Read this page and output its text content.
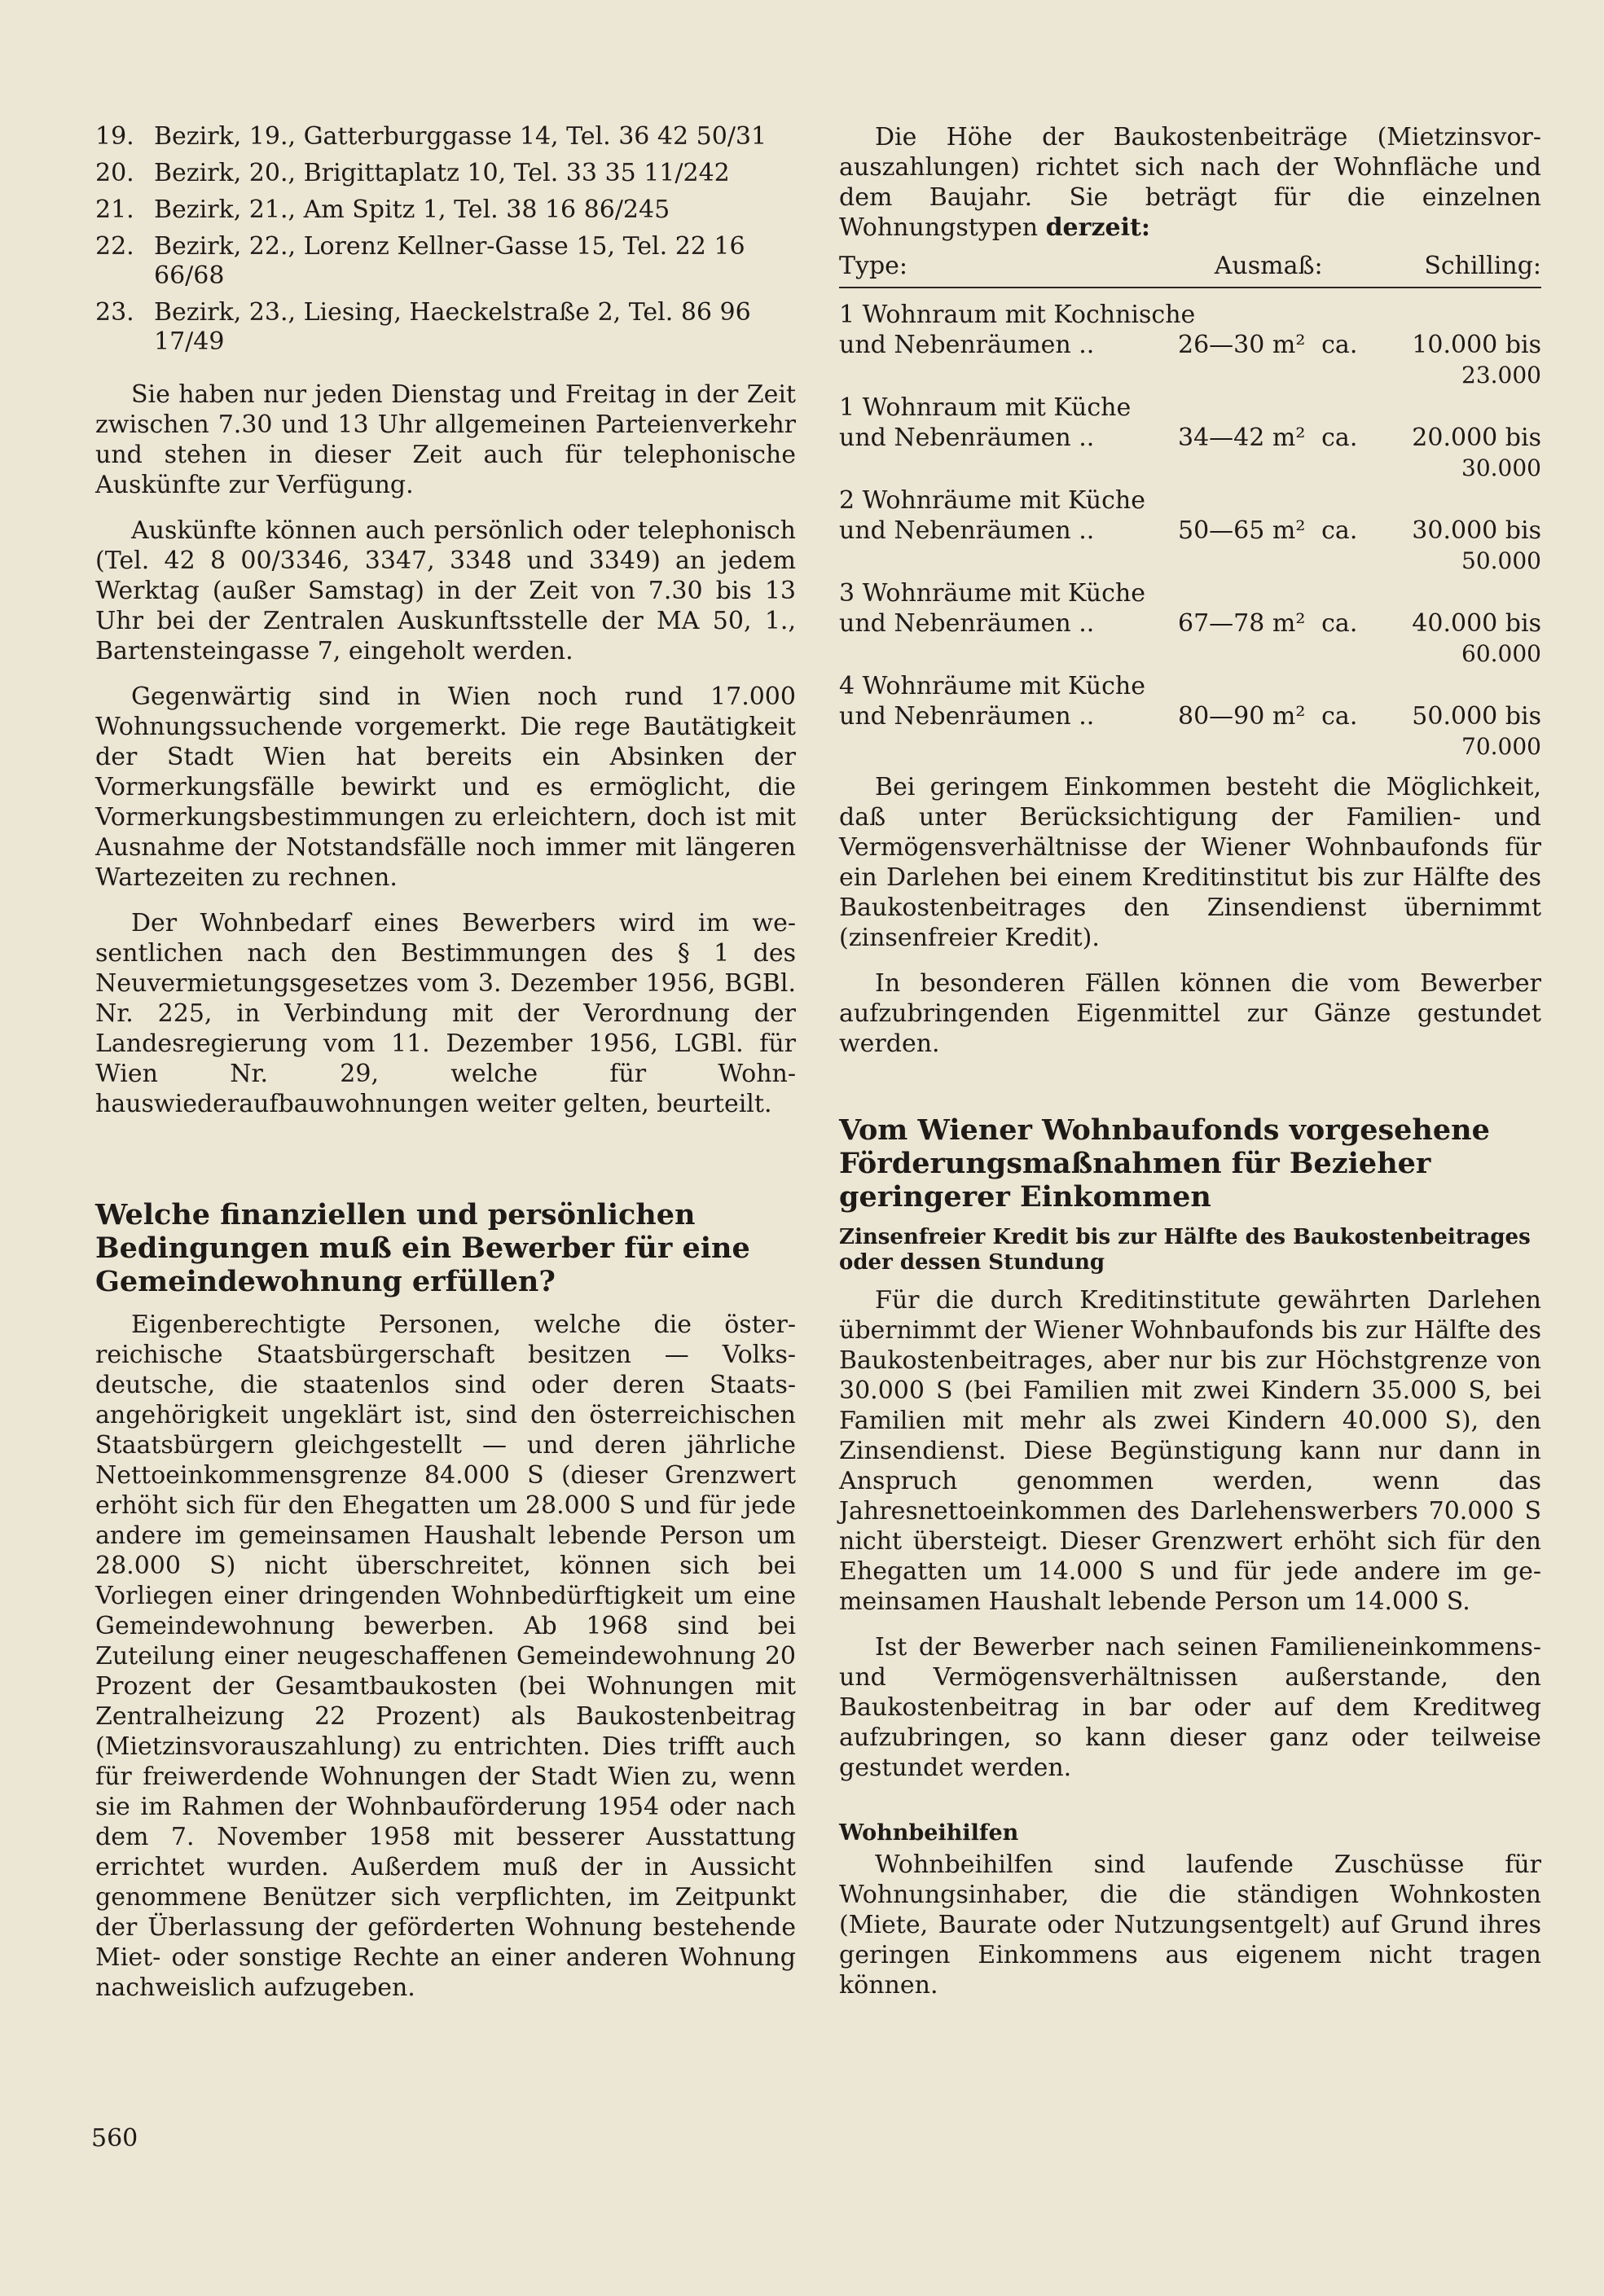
19. Bezirk, 19., Gatterburggasse 14, Tel. 36 42 50/31
20. Bezirk, 20., Brigittaplatz 10, Tel. 33 35 11/242
21. Bezirk, 21., Am Spitz 1, Tel. 38 16 86/245
22. Bezirk, 22., Lorenz Kellner-Gasse 15, Tel. 22 16 66/68
23. Bezirk, 23., Liesing, Haeckelstraße 2, Tel. 86 96 17/49

Sie haben nur jeden Dienstag und Freitag in der Zeit zwischen 7.30 und 13 Uhr allgemeinen Parteienverkehr und stehen in dieser Zeit auch für telephonische Auskünfte zur Verfügung.

Auskünfte können auch persönlich oder telephonisch (Tel. 42 8 00/3346, 3347, 3348 und 3349) an jedem Werktag (außer Samstag) in der Zeit von 7.30 bis 13 Uhr bei der Zentralen Auskunftsstelle der MA 50, 1., Bartensteingasse 7, eingeholt werden.

Gegenwärtig sind in Wien noch rund 17.000 Wohnungssuchende vorgemerkt. Die rege Bautätigkeit der Stadt Wien hat bereits ein Absinken der Vormerkungsfälle bewirkt und es ermöglicht, die Vormerkungsbestimmungen zu erleichtern, doch ist mit Ausnahme der Notstandsfälle noch immer mit längeren Wartezeiten zu rechnen.

Der Wohnbedarf eines Bewerbers wird im wesentlichen nach den Bestimmungen des § 1 des Neuvermietungsgesetzes vom 3. Dezember 1956, BGBl. Nr. 225, in Verbindung mit der Verordnung der Landesregierung vom 11. Dezember 1956, LGBl. für Wien Nr. 29, welche für Wohnhauswiederaufbauwohnungen weiter gelten, beurteilt.

Welche finanziellen und persönlichen Bedingungen muß ein Bewerber für eine Gemeindewohnung erfüllen?

Eigenberechtigte Personen, welche die österreichische Staatsbürgerschaft besitzen — Volksdeutsche, die staatenlos sind oder deren Staatsangehörigkeit ungeklärt ist, sind den österreichischen Staatsbürgern gleichgestellt — und deren jährliche Nettoeinkommensgrenze 84.000 S (dieser Grenzwert erhöht sich für den Ehegatten um 28.000 S und für jede andere im gemeinsamen Haushalt lebende Person um 28.000 S) nicht überschreitet, können sich bei Vorliegen einer dringenden Wohnbedürftigkeit um eine Gemeindewohnung bewerben. Ab 1968 sind bei Zuteilung einer neugeschaffenen Gemeindewohnung 20 Prozent der Gesamtbaukosten (bei Wohnungen mit Zentralheizung 22 Prozent) als Baukostenbeitrag (Mietzinsvorauszahlung) zu entrichten. Dies trifft auch für freiwerdende Wohnungen der Stadt Wien zu, wenn sie im Rahmen der Wohnbauförderung 1954 oder nach dem 7. November 1958 mit besserer Ausstattung errichtet wurden. Außerdem muß der in Aussicht genommene Benützer sich verpflichten, im Zeitpunkt der Überlassung der geförderten Wohnung bestehende Miet- oder sonstige Rechte an einer anderen Wohnung nachweislich aufzugeben.

Die Höhe der Baukostenbeiträge (Mietzinsvorauszahlungen) richtet sich nach der Wohnfläche und dem Baujahr. Sie beträgt für die einzelnen Wohnungstypen derzeit:

Type:	Ausmaß:		Schilling:
1 Wohnraum mit Kochnische			
und Nebenräumen ..	26—30 m²	ca.	10.000 bis
23.000			
1 Wohnraum mit Küche			
und Nebenräumen ..	34—42 m²	ca.	20.000 bis
30.000			
2 Wohnräume mit Küche			
und Nebenräumen ..	50—65 m²	ca.	30.000 bis
50.000			
3 Wohnräume mit Küche			
und Nebenräumen ..	67—78 m²	ca.	40.000 bis
60.000			
4 Wohnräume mit Küche			
und Nebenräumen ..	80—90 m²	ca.	50.000 bis
70.000			

Bei geringem Einkommen besteht die Möglichkeit, daß unter Berücksichtigung der Familien- und Vermögensverhältnisse der Wiener Wohnbaufonds für ein Darlehen bei einem Kreditinstitut bis zur Hälfte des Baukostenbeitrages den Zinsendienst übernimmt (zinsenfreier Kredit).

In besonderen Fällen können die vom Bewerber aufzubringenden Eigenmittel zur Gänze gestundet werden.

Vom Wiener Wohnbaufonds vorgesehene Förderungsmaßnahmen für Bezieher geringerer Einkommen
Zinsenfreier Kredit bis zur Hälfte des Baukostenbeitrages oder dessen Stundung

Für die durch Kreditinstitute gewährten Darlehen übernimmt der Wiener Wohnbaufonds bis zur Hälfte des Baukostenbeitrages, aber nur bis zur Höchstgrenze von 30.000 S (bei Familien mit zwei Kindern 35.000 S, bei Familien mit mehr als zwei Kindern 40.000 S), den Zinsendienst. Diese Begünstigung kann nur dann in Anspruch genommen werden, wenn das Jahresnettoeinkommen des Darlehenswerbers 70.000 S nicht übersteigt. Dieser Grenzwert erhöht sich für den Ehegatten um 14.000 S und für jede andere im gemeinsamen Haushalt lebende Person um 14.000 S.

Ist der Bewerber nach seinen Familieneinkommens- und Vermögensverhältnissen außerstande, den Baukostenbeitrag in bar oder auf dem Kreditweg aufzubringen, so kann dieser ganz oder teilweise gestundet werden.

Wohnbeihilfen

Wohnbeihilfen sind laufende Zuschüsse für Wohnungsinhaber, die die ständigen Wohnkosten (Miete, Baurate oder Nutzungsentgelt) auf Grund ihres geringen Einkommens aus eigenem nicht tragen können.

560
